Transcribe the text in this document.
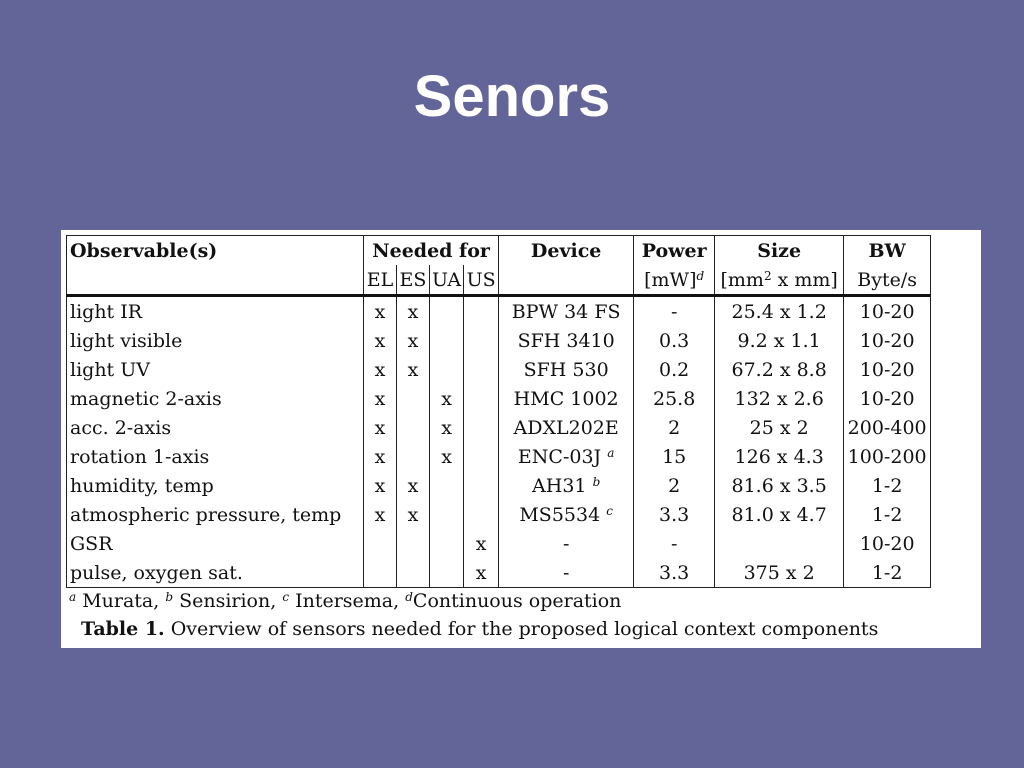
Senors
Observable(s)	Needed for				Device	Power	Size	BW
	EL	ES	UA	US		[mW]$^d$	[$mm^2$ x mm]	Byte/s
light IR	x	x			BPW 34 FS	-	25.4 x 1.2	10-20
light visible	x	x			SFH 3410	0.3	9.2 x 1.1	10-20
light UV	x	x			SFH 530	0.2	67.2 x 8.8	10-20
magnetic 2-axis	x		x		HMC 1002	25.8	132 x 2.6	10-20
acc. 2-axis	x		x		ADXL202E	2	25 x 2	200-400
rotation 1-axis	x		x		ENC-03J $^a$	15	126 x 4.3	100-200
humidity, temp	x	x			AH31 $^b$	2	81.6 x 3.5	1-2
atmospheric pressure, temp	x	x			MS5534 $^c$	3.3	81.0 x 4.7	1-2
GSR				x	-	-		10-20
pulse, oxygen sat.				x	-	3.3	375 x 2	1-2
$^a$ Murata, $^b$ Sensirion, $^c$ Intersema, $^d$Continuous operation
Table 1. Overview of sensors needed for the proposed logical context components
